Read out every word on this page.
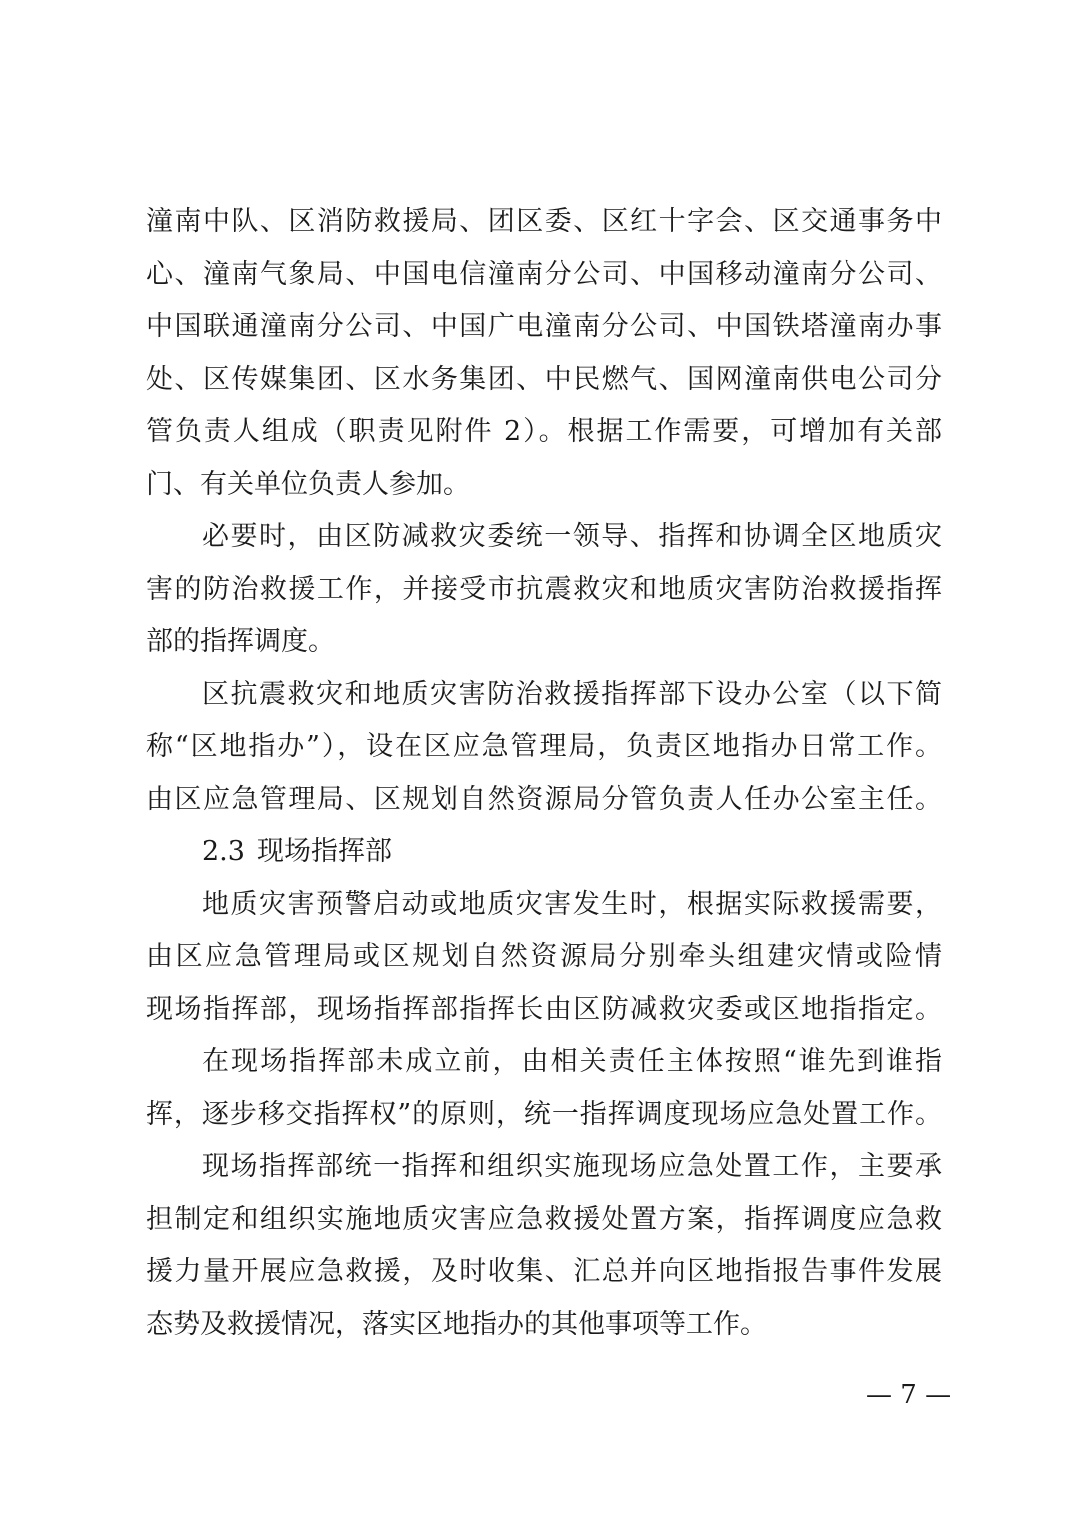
潼南中队、区消防救援局、团区委、区红十字会、区交通事务中
心、潼南气象局、中国电信潼南分公司、中国移动潼南分公司、
中国联通潼南分公司、中国广电潼南分公司、中国铁塔潼南办事
处、区传媒集团、区水务集团、中民燃气、国网潼南供电公司分
管负责人组成（职责见附件 2）。根据工作需要，可增加有关部
门、有关单位负责人参加。
必要时，由区防减救灾委统一领导、指挥和协调全区地质灾
害的防治救援工作，并接受市抗震救灾和地质灾害防治救援指挥
部的指挥调度。
区抗震救灾和地质灾害防治救援指挥部下设办公室（以下简
称“区地指办”），设在区应急管理局，负责区地指办日常工作。
由区应急管理局、区规划自然资源局分管负责人任办公室主任。
2.3 现场指挥部
地质灾害预警启动或地质灾害发生时，根据实际救援需要，
由区应急管理局或区规划自然资源局分别牵头组建灾情或险情
现场指挥部，现场指挥部指挥长由区防减救灾委或区地指指定。
在现场指挥部未成立前，由相关责任主体按照“谁先到谁指
挥，逐步移交指挥权”的原则，统一指挥调度现场应急处置工作。
现场指挥部统一指挥和组织实施现场应急处置工作，主要承
担制定和组织实施地质灾害应急救援处置方案，指挥调度应急救
援力量开展应急救援，及时收集、汇总并向区地指报告事件发展
态势及救援情况，落实区地指办的其他事项等工作。
— 7 —
